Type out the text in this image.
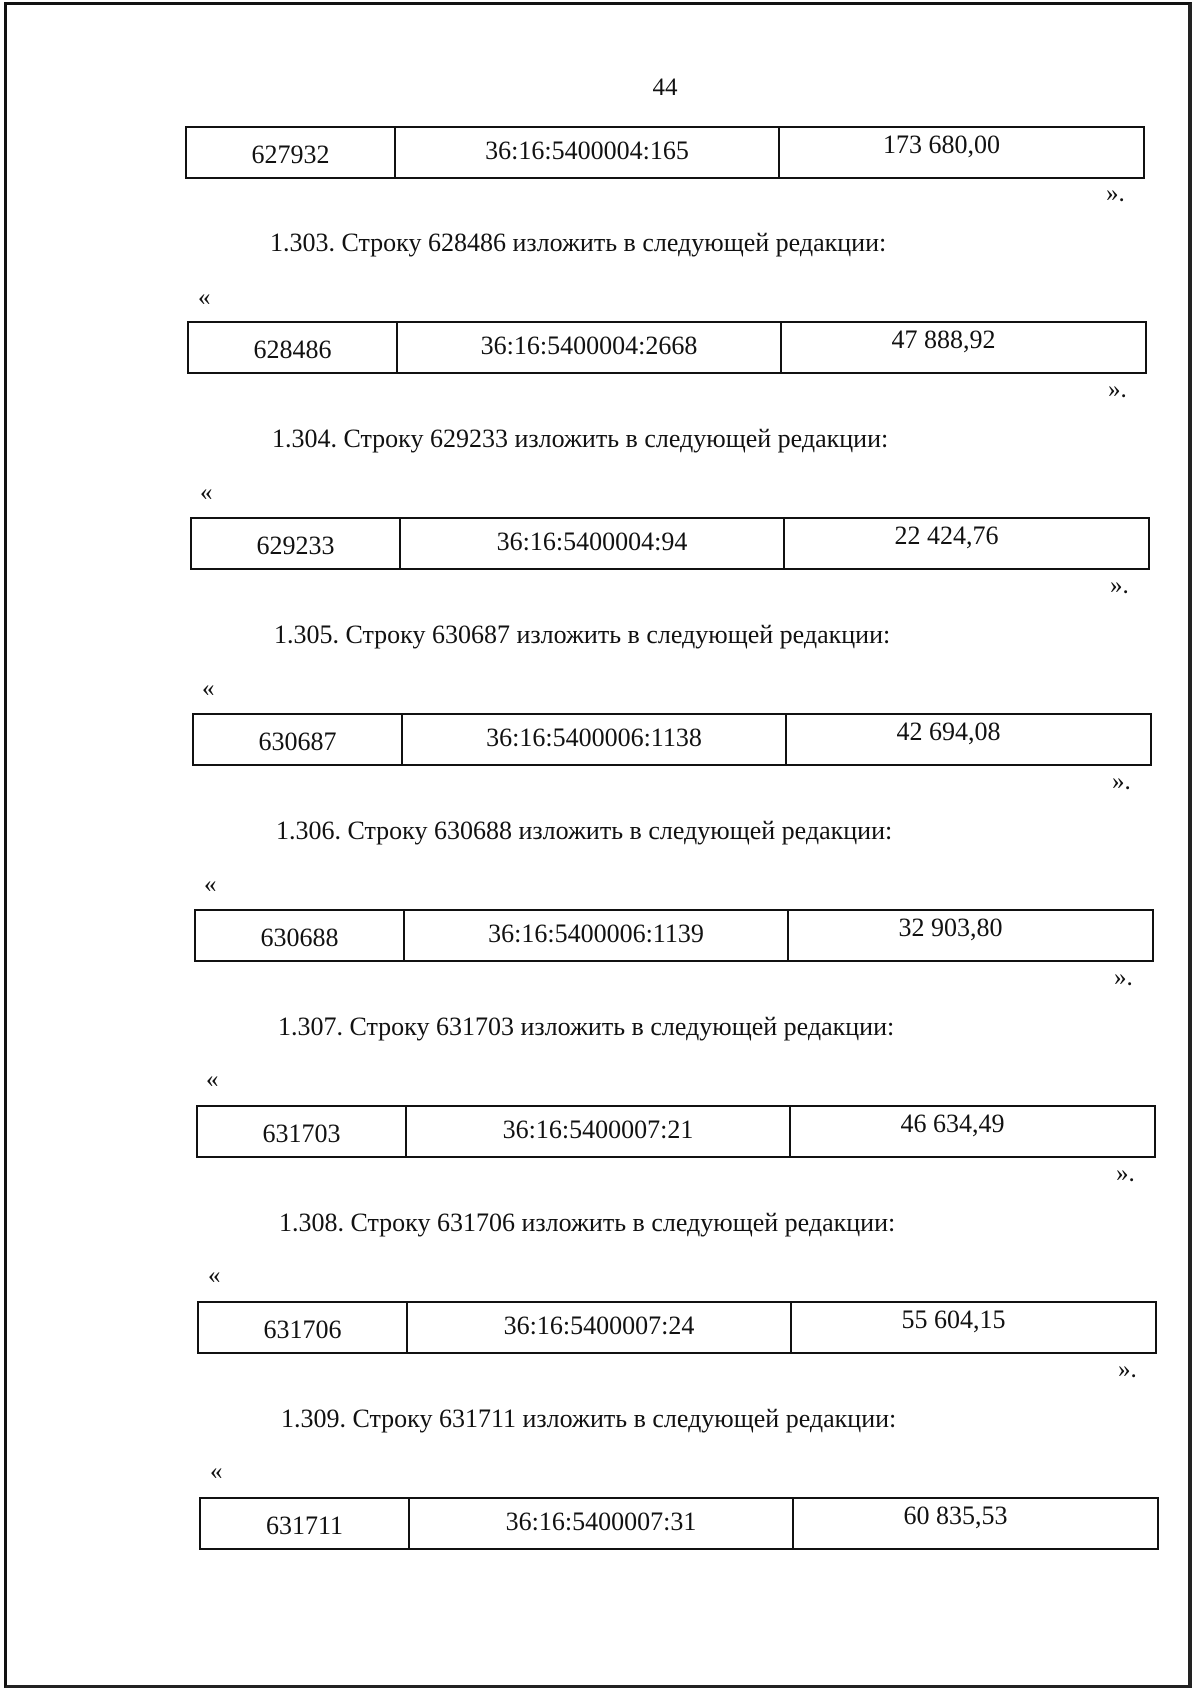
44
627932	36:16:5400004:165	173 680,00
».
1.303. Строку 628486 изложить в следующей редакции:
«
628486	36:16:5400004:2668	47 888,92
».
1.304. Строку 629233 изложить в следующей редакции:
«
629233	36:16:5400004:94	22 424,76
».
1.305. Строку 630687 изложить в следующей редакции:
«
630687	36:16:5400006:1138	42 694,08
».
1.306. Строку 630688 изложить в следующей редакции:
«
630688	36:16:5400006:1139	32 903,80
».
1.307. Строку 631703 изложить в следующей редакции:
«
631703	36:16:5400007:21	46 634,49
».
1.308. Строку 631706 изложить в следующей редакции:
«
631706	36:16:5400007:24	55 604,15
».
1.309. Строку 631711 изложить в следующей редакции:
«
631711	36:16:5400007:31	60 835,53
